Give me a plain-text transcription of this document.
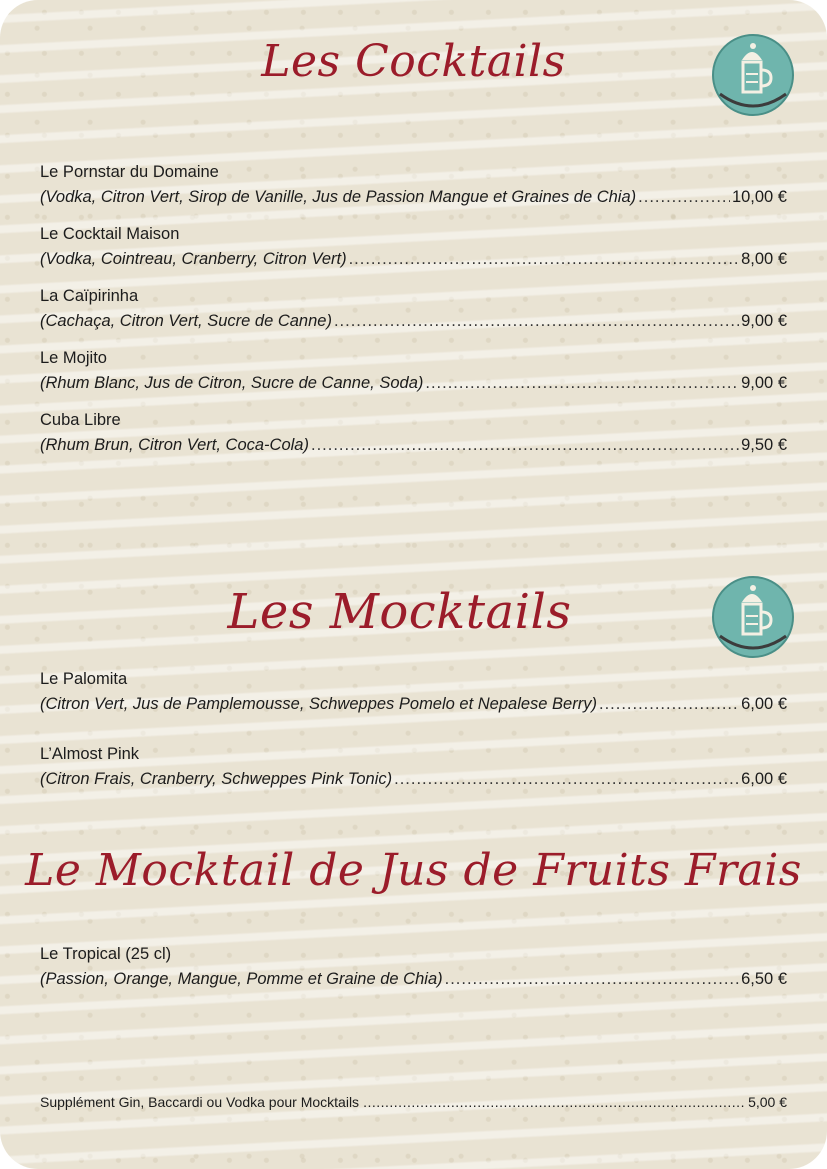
Les Cocktails
Le Pornstar du Domaine
(Vodka, Citron Vert, Sirop de Vanille, Jus de Passion Mangue et Graines de Chia) .....	10,00 €
Le Cocktail Maison
(Vodka, Cointreau, Cranberry, Citron Vert) .....	8,00 €
La Caïpirinha
(Cachaça, Citron Vert, Sucre de Canne) .....	9,00 €
Le Mojito
(Rhum Blanc, Jus de Citron, Sucre de Canne, Soda) .....	9,00 €
Cuba Libre
(Rhum Brun, Citron Vert, Coca-Cola) .....	9,50 €
Les Mocktails
Le Palomita
(Citron Vert, Jus de Pamplemousse, Schweppes Pomelo et Nepalese Berry) .....	6,00 €
L’Almost Pink
(Citron Frais, Cranberry, Schweppes Pink Tonic) .....	6,00 €
Le Mocktail de Jus de Fruits Frais
Le Tropical (25 cl)
(Passion, Orange, Mangue, Pomme et Graine de Chia) .....	6,50 €
Supplément Gin, Baccardi ou Vodka pour Mocktails .....	5,00 €
